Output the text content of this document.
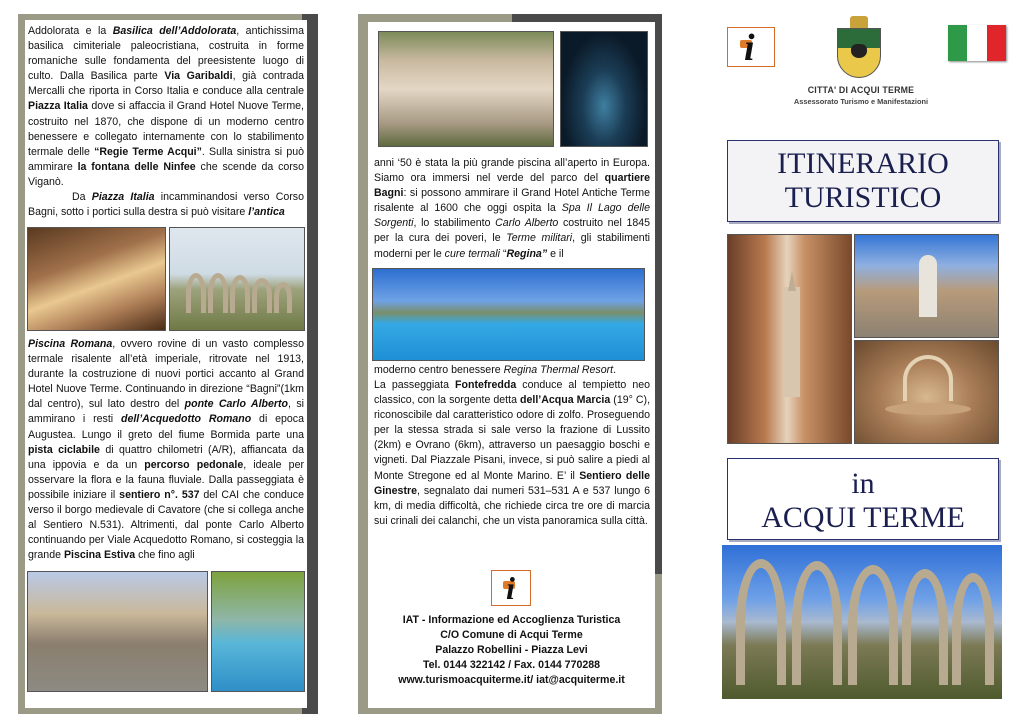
Addolorata e la Basilica dell’Addolorata, antichissima basilica cimiteriale paleocristiana, costruita in forme romaniche sulle fondamenta del preesistente luogo di culto. Dalla Basilica parte Via Garibaldi, già contrada Mercalli che riporta in Corso Italia e conduce alla centrale Piazza Italia dove si affaccia il Grand Hotel Nuove Terme, costruito nel 1870, che dispone di un moderno centro benessere e collegato internamente con lo stabilimento termale delle “Regie Terme Acqui”. Sulla sinistra si può ammirare la fontana delle Ninfee che scende da corso Viganò.
Da Piazza Italia incamminandosi verso Corso Bagni, sotto i portici sulla destra si può visitare l’antica
Piscina Romana, ovvero rovine di un vasto complesso termale risalente all’età imperiale, ritrovate nel 1913, durante la costruzione di nuovi portici accanto al Grand Hotel Nuove Terme. Continuando in direzione “Bagni”(1km dal centro), sul lato destro del ponte Carlo Alberto, si ammirano i resti dell’Acquedotto Romano di epoca Augustea. Lungo il greto del fiume Bormida parte una pista ciclabile di quattro chilometri (A/R), affiancata da una ippovia e da un percorso pedonale, ideale per osservare la flora e la fauna fluviale. Dalla passeggiata è possibile iniziare il sentiero n°. 537 del CAI che conduce verso il borgo medievale di Cavatore (che si collega anche al Sentiero N.531). Altrimenti, dal ponte Carlo Alberto continuando per Viale Acquedotto Romano, si costeggia la grande Piscina Estiva che fino agli
anni ‘50 è stata la più grande piscina all’aperto in Europa. Siamo ora immersi nel verde del parco del quartiere Bagni: si possono ammirare il Grand Hotel Antiche Terme risalente al 1600 che oggi ospita la Spa Il Lago delle Sorgenti, lo stabilimento Carlo Alberto costruito nel 1845 per la cura dei poveri, le Terme militari, gli stabilimenti moderni per le cure termali “Regina” e il
moderno centro benessere Regina Thermal Resort.
La passeggiata Fontefredda conduce al tempietto neo classico, con la sorgente detta dell’Acqua Marcia (19° C), riconoscibile dal caratteristico odore di zolfo. Proseguendo per la stessa strada si sale verso la frazione di Lussito (2km) e Ovrano (6km), attraverso un paesaggio boschi e vigneti. Dal Piazzale Pisani, invece, si può salire a piedi al Monte Stregone ed al Monte Marino. E’ il Sentiero delle Ginestre, segnalato dai numeri 531–531 A e 537 lungo 6 km, di media difficoltà, che richiede circa tre ore di marcia sui crinali dei calanchi, che un vista panoramica sulla città.
i
IAT - Informazione ed Accoglienza Turistica
C/O Comune di Acqui Terme
Palazzo Robellini - Piazza Levi
Tel. 0144 322142 / Fax. 0144 770288
www.turismoacquiterme.it/ iat@acquiterme.it
i
CITTA' DI ACQUI TERME
Assessorato Turismo e Manifestazioni
ITINERARIO
TURISTICO
in
ACQUI TERME
